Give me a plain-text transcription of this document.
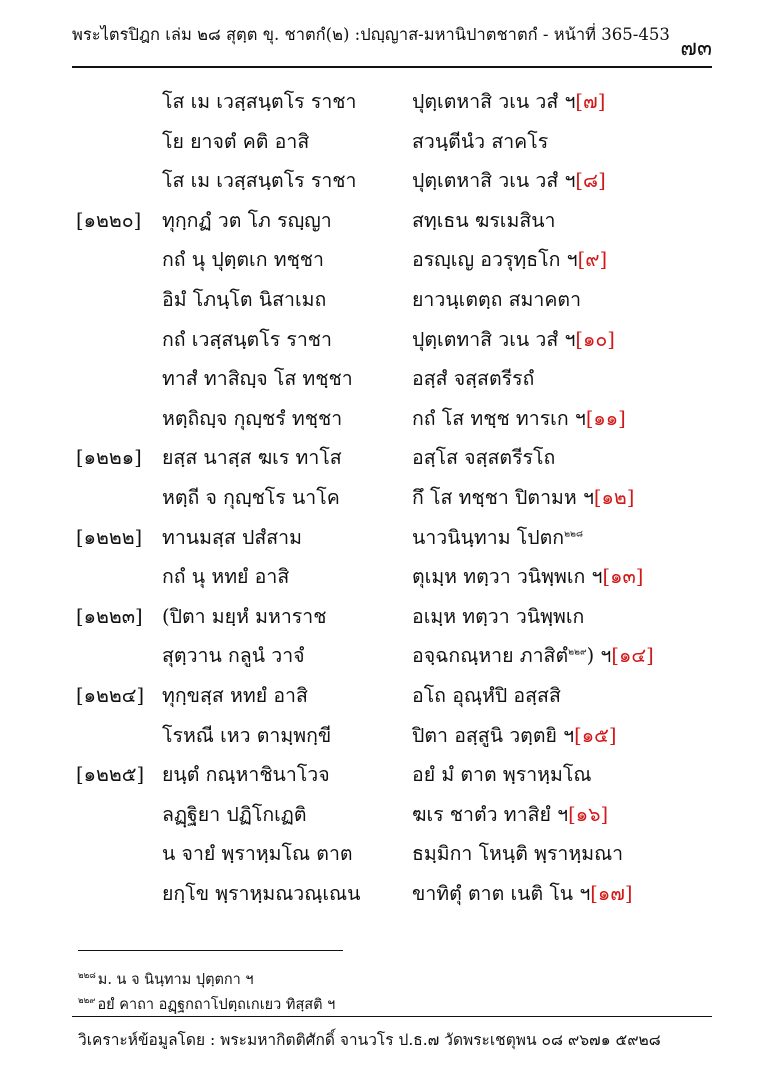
พระไตรปิฎก เล่ม ๒๘ สุตฺต ขุ. ชาตกํ(๒) :ปญฺญาส-มหานิปาตชาตกํ - หน้าที่ 365-453
๗๓
โส เม เวสฺสนฺตโร ราชา	ปุตฺเตหาสิ วเน วสํ ฯ[๗]
โย ยาจตํ คติ อาสิ	สวนฺตีนํว สาคโร
โส เม เวสฺสนฺตโร ราชา	ปุตฺเตหาสิ วเน วสํ ฯ[๘]
[๑๒๒๐] ทุกฺกฏํ วต โภ รญฺญา	สทฺเธน ฆรเมสินา
กถํ นุ ปุตฺตเก ทชฺชา	อรญฺเญ อวรุทฺธโก ฯ[๙]
อิมํ โภนฺโต นิสาเมถ	ยาวนฺเตตฺถ สมาคตา
กถํ เวสฺสนฺตโร ราชา	ปุตฺเตทาสิ วเน วสํ ฯ[๑๐]
ทาสํ ทาสิญฺจ โส ทชฺชา	อสฺสํ จสฺสตรีรถํ
หตฺถิญฺจ กุญฺชรํ ทชฺชา	กถํ โส ทชฺช ทารเก ฯ[๑๑]
[๑๒๒๑] ยสฺส นาสฺส ฆเร ทาโส	อสฺโส จสฺสตรีรโถ
หตฺถี จ กุญฺชโร นาโค	กึ โส ทชฺชา ปิตามห ฯ[๑๒]
[๑๒๒๒] ทานมสฺส ปสํสาม	นาวนินฺทาม โปตก$^{๒๒๘}$
กถํ นุ หทยํ อาสิ	ตุเมฺห ทตฺวา วนิพฺพเก ฯ[๑๓]
[๑๒๒๓] (ปิตา มยฺหํ มหาราช	อเมฺห ทตฺวา วนิพฺพเก
สุตฺวาน กลูนํ วาจํ	อจฺฉกณฺหาย ภาสิตํ$^{๒๒๙}$) ฯ[๑๔]
[๑๒๒๔] ทุกฺขสฺส หทยํ อาสิ	อโถ อุณฺหํปิ อสฺสสิ
โรหณี เหว ตามฺพกฺขี	ปิตา อสฺสูนิ วตฺตยิ ฯ[๑๕]
[๑๒๒๕] ยนฺตํ กณฺหาชินาโวจ	อยํ มํ ตาต พฺราหฺมโณ
ลฏฺฐิยา ปฏิโกเฏติ	ฆเร ชาตํว ทาสิยํ ฯ[๑๖]
น จายํ พฺราหฺมโณ ตาต	ธมฺมิกา โหนฺติ พฺราหฺมณา
ยกฺโข พฺราหฺมณวณฺเณน	ขาทิตุํ ตาต เนติ โน ฯ[๑๗]
$^{๒๒๘}$ ม. น จ นินฺทาม ปุตฺตกา ฯ
$^{๒๒๙}$ อยํ คาถา อฏฺฐกถาโปตฺถเกเยว ทิสฺสติ ฯ
วิเคราะห์ข้อมูลโดย : พระมหากิตติศักดิ์ จานวโร ป.ธ.๗ วัดพระเชตุพน ๐๘ ๙๖๗๑ ๕๙๒๘
